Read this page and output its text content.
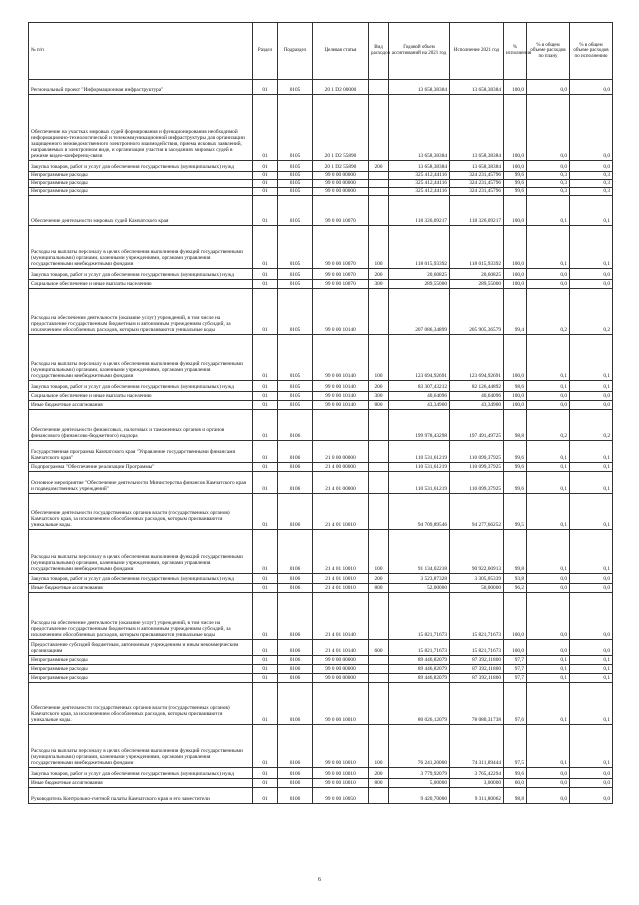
№ п/п	Раздел	Подраздел	Целевая статья	Вид расходов	Годовой объем ассигнований на 2021 год	Исполнение 2021 год	% исполнения	% в общем объеме расходов по плану	% в общем объеме расходов по исполнению
Региональный проект "Информационная инфраструктура"	01	0105	20 1 D2 00000		13 658,38384	13 658,38384	100,0	0,0	0,0
Обеспечение на участках мировых судей формирования и функционирования необходимой информационно-технологической и телекоммуникационной инфраструктуры для организации защищенного межведомственного электронного взаимодействия, приема исковых заявлений, направляемых в электронном виде, и организации участия в заседаниях мировых судей в режиме видео-конференц-связи	01	0105	20 1 D2 55890		13 658,38384	13 658,38384	100,0	0,0	0,0
Закупка товаров, работ и услуг для обеспечения государственных (муниципальных) нужд	01	0105	20 1 D2 55890	200	13 658,38384	13 658,38384	100,0	0,0	0,0
Непрограммные расходы	01	0105	99 0 00 00000		325 412,44116	324 231,45796	99,6	0,3	0,3
Непрограммные расходы	01	0105	99 0 00 00000		325 412,44116	324 231,45796	99,6	0,3	0,3
Непрограммные расходы	01	0105	99 0 00 00000		325 412,44116	324 231,45796	99,6	0,3	0,3
Обеспечение деятельности мировых судей Камчатского края	01	0105	99 0 00 10070		118 326,09217	118 326,09217	100,0	0,1	0,1
Расходы на выплаты персоналу в целях обеспечения выполнения функций государственными (муниципальными) органами, казенными учреждениями, органами управления государственными внебюджетными фондами	01	0105	99 0 00 10070	100	118 015,93392	118 015,93392	100,0	0,1	0,1
Закупка товаров, работ и услуг для обеспечения государственных (муниципальных) нужд	01	0105	99 0 00 10070	200	20,60825	20,60825	100,0	0,0	0,0
Социальное обеспечение и иные выплаты населению	01	0105	99 0 00 10070	300	289,55000	289,55000	100,0	0,0	0,0
Расходы на обеспечение деятельности (оказание услуг) учреждений, в том числе на предоставление государственным бюджетным и автономным учреждениям субсидий, за исключением обособленных расходов, которым присваиваются уникальные коды	01	0105	99 0 00 10140		207 086,34899	205 905,36579	99,4	0,2	0,2
Расходы на выплаты персоналу в целях обеспечения выполнения функций государственными (муниципальными) органами, казенными учреждениями, органами управления государственными внебюджетными фондами	01	0105	99 0 00 10140	100	123 694,92691	123 694,92691	100,0	0,1	0,1
Закупка товаров, работ и услуг для обеспечения государственных (муниципальных) нужд	01	0105	99 0 00 10140	200	83 307,43212	82 126,44892	98,6	0,1	0,1
Социальное обеспечение и иные выплаты населению	01	0105	99 0 00 10140	300	40,64096	40,64096	100,0	0,0	0,0
Иные бюджетные ассигнования	01	0105	99 0 00 10140	800	43,34900	43,34900	100,0	0,0	0,0
Обеспечение деятельности финансовых, налоговых и таможенных органов и органов финансового (финансово-бюджетного) надзора	01	0106			199 978,43298	197 491,49725	98,8	0,2	0,2
Государственная программа Камчатского края "Управление государственными финансами Камчатского края"	01	0106	21 0 00 00000		110 531,61219	110 099,37925	99,6	0,1	0,1
Подпрограмма "Обеспечение реализации Программы"	01	0106	21 4 00 00000		110 531,61219	110 099,37925	99,6	0,1	0,1
Основное мероприятие "Обеспечение деятельности Министерства финансов Камчатского края и подведомственных учреждений"	01	0106	21 4 01 00000		110 531,61219	110 099,37925	99,6	0,1	0,1
Обеспечение деятельности государственных органов власти (государственных органов) Камчатского края, за исключением обособленных расходов, которым присваиваются уникальные коды.	01	0106	21 4 01 10010		94 709,89546	94 277,66252	99,5	0,1	0,1
Расходы на выплаты персоналу в целях обеспечения выполнения функций государственными (муниципальными) органами, казенными учреждениями, органами управления государственными внебюджетными фондами	01	0106	21 4 01 10010	100	91 134,02218	90 922,60913	99,8	0,1	0,1
Закупка товаров, работ и услуг для обеспечения государственных (муниципальных) нужд	01	0106	21 4 01 10010	200	3 523,87328	3 305,05339	93,8	0,0	0,0
Иные бюджетные ассигнования	01	0106	21 4 01 10010	800	52,00000	50,00000	96,2	0,0	0,0
Расходы на обеспечение деятельности (оказание услуг) учреждений, в том числе на предоставление государственным бюджетным и автономным учреждениям субсидий, за исключением обособленных расходов, которым присваиваются уникальные коды	01	0106	21 4 01 10140		15 821,71673	15 821,71673	100,0	0,0	0,0
Предоставление субсидий бюджетным, автономным учреждениям и иным некоммерческим организациям	01	0106	21 4 01 10140	600	15 821,71673	15 821,71673	100,0	0,0	0,0
Непрограммные расходы	01	0106	99 0 00 00000		89 446,82079	87 392,11800	97,7	0,1	0,1
Непрограммные расходы	01	0106	99 0 00 00000		89 446,82079	87 392,11800	97,7	0,1	0,1
Непрограммные расходы	01	0106	99 0 00 00000		89 446,82079	87 392,11800	97,7	0,1	0,1
Обеспечение деятельности государственных органов власти (государственных органов) Камчатского края, за исключением обособленных расходов, которым присваиваются уникальные коды.	01	0106	99 0 00 10010		80 026,12079	78 080,31738	97,6	0,1	0,1
Расходы на выплаты персоналу в целях обеспечения выполнения функций государственными (муниципальными) органами, казенными учреждениями, органами управления государственными внебюджетными фондами	01	0106	99 0 00 10010	100	76 241,20000	74 311,89444	97,5	0,1	0,1
Закупка товаров, работ и услуг для обеспечения государственных (муниципальных) нужд	01	0106	99 0 00 10010	200	3 779,92079	3 765,42294	99,6	0,0	0,0
Иные бюджетные ассигнования	01	0106	99 0 00 10010	800	5,00000	3,00000	60,0	0,0	0,0
Руководитель Контрольно-счетной палаты Камчатского края и его заместители	01	0106	99 0 00 10050		9 420,70000	9 311,80062	98,8	0,0	0,0
6
